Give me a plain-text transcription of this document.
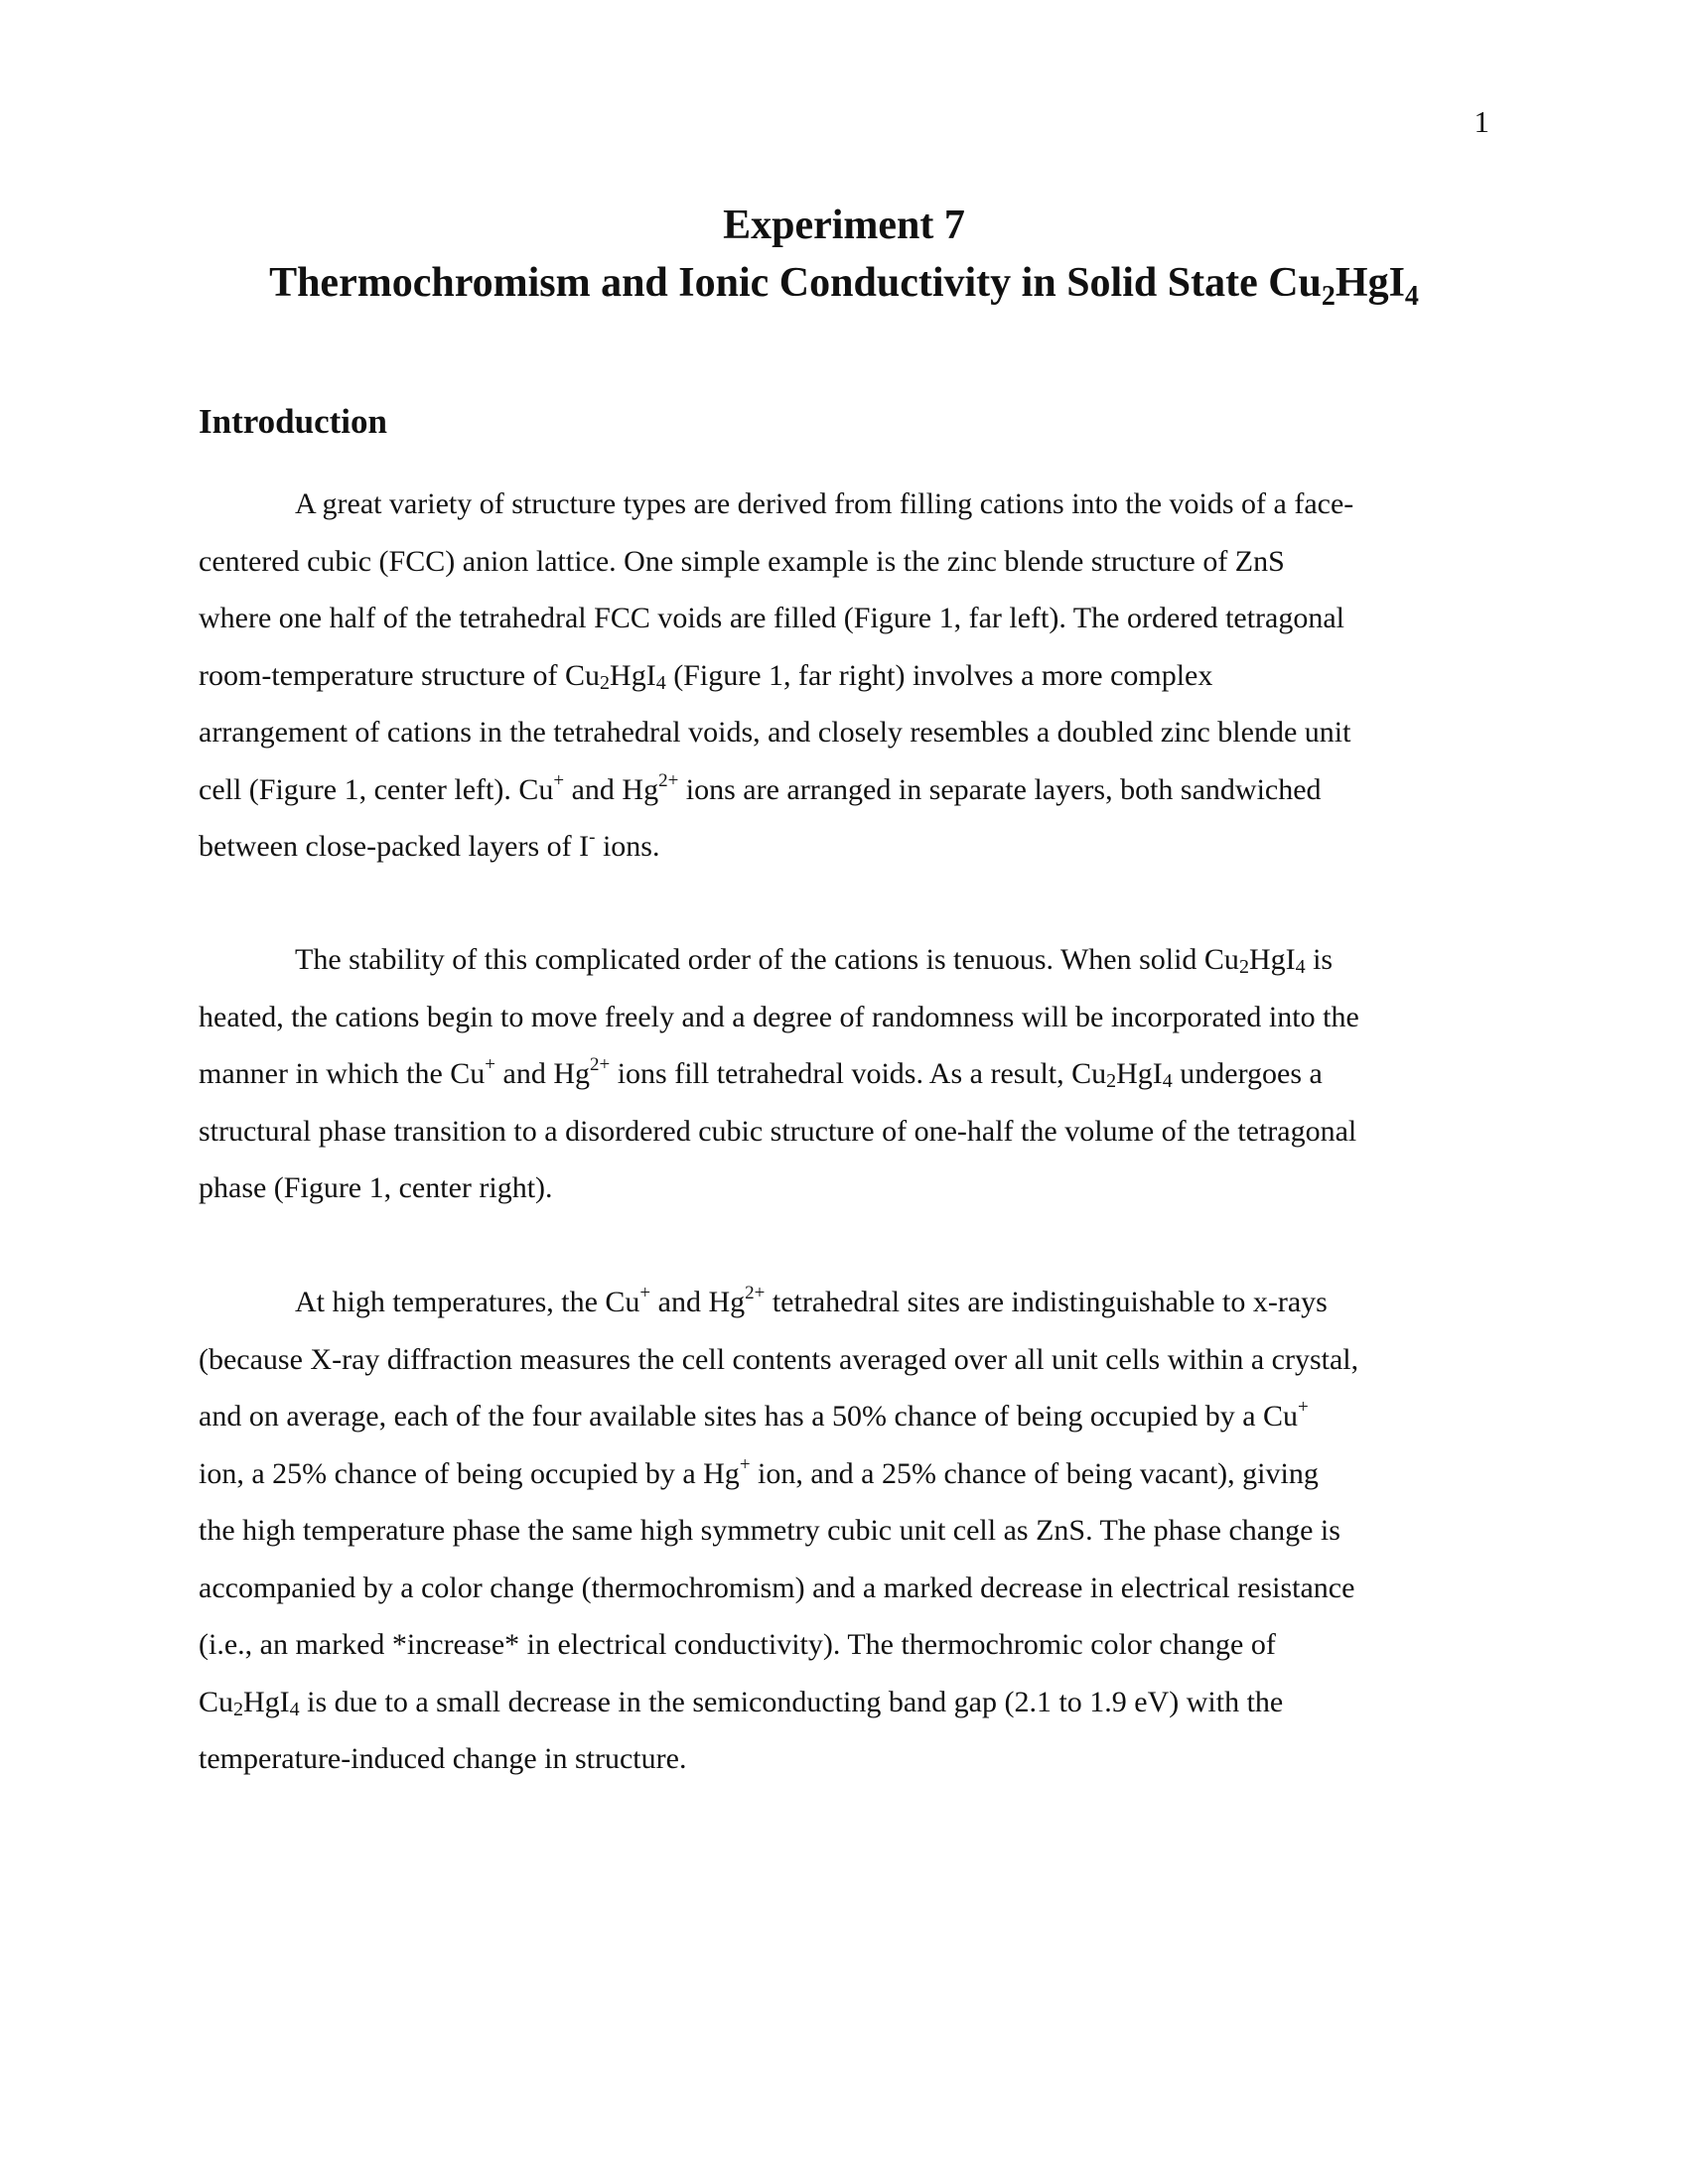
1

Experiment 7

Thermochromism and Ionic Conductivity in Solid State $Cu_2HgI_4$

Introduction
A great variety of structure types are derived from filling cations into the voids of a face-
centered cubic (FCC) anion lattice. One simple example is the zinc blende structure of ZnS
where one half of the tetrahedral FCC voids are filled (Figure 1, far left). The ordered tetragonal
room-temperature structure of $Cu_2HgI_4$ (Figure 1, far right) involves a more complex
arrangement of cations in the tetrahedral voids, and closely resembles a doubled zinc blende unit
cell (Figure 1, center left). Cu+ and $Hg^{2+}$ ions are arranged in separate layers, both sandwiched
between close-packed layers of I- ions.
The stability of this complicated order of the cations is tenuous. When solid $Cu_2HgI_4$ is
heated, the cations begin to move freely and a degree of randomness will be incorporated into the
manner in which the Cu+ and $Hg^{2+}$ ions fill tetrahedral voids. As a result, $Cu_2HgI_4$ undergoes a
structural phase transition to a disordered cubic structure of one-half the volume of the tetragonal
phase (Figure 1, center right).
At high temperatures, the Cu+ and $Hg^{2+}$ tetrahedral sites are indistinguishable to x-rays
(because X-ray diffraction measures the cell contents averaged over all unit cells within a crystal,
and on average, each of the four available sites has a 50% chance of being occupied by a Cu+
ion, a 25% chance of being occupied by a Hg+ ion, and a 25% chance of being vacant), giving
the high temperature phase the same high symmetry cubic unit cell as ZnS. The phase change is
accompanied by a color change (thermochromism) and a marked decrease in electrical resistance
(i.e., an marked *increase* in electrical conductivity). The thermochromic color change of
$Cu_2HgI_4$ is due to a small decrease in the semiconducting band gap (2.1 to 1.9 eV) with the
temperature-induced change in structure.
